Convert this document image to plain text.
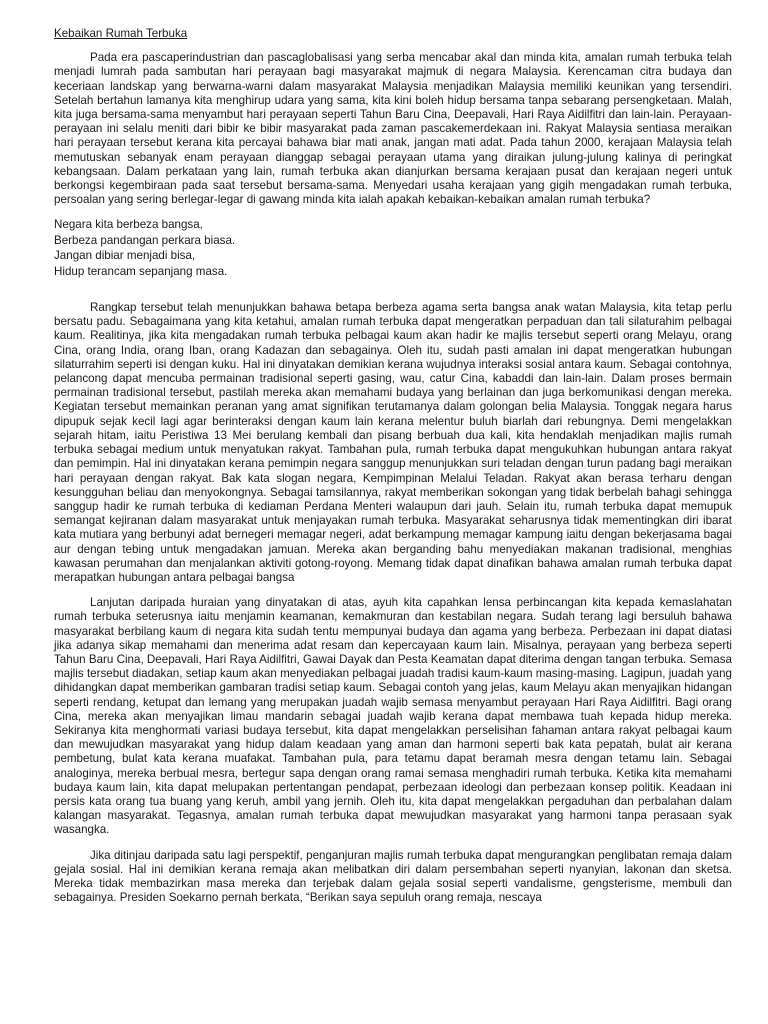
Kebaikan Rumah Terbuka

Pada era pascaperindustrian dan pascaglobalisasi yang serba mencabar akal dan minda kita, amalan rumah terbuka telah menjadi lumrah pada sambutan hari perayaan bagi masyarakat majmuk di negara Malaysia. Kerencaman citra budaya dan keceriaan landskap yang berwarna-warni dalam masyarakat Malaysia menjadikan Malaysia memiliki keunikan yang tersendiri. Setelah bertahun lamanya kita menghirup udara yang sama, kita kini boleh hidup bersama tanpa sebarang persengketaan. Malah, kita juga bersama-sama menyambut hari perayaan seperti Tahun Baru Cina, Deepavali, Hari Raya Aidilfitri dan lain-lain. Perayaan-perayaan ini selalu meniti dari bibir ke bibir masyarakat pada zaman pascakemerdekaan ini. Rakyat Malaysia sentiasa meraikan hari perayaan tersebut kerana kita percayai bahawa biar mati anak, jangan mati adat. Pada tahun 2000, kerajaan Malaysia telah memutuskan sebanyak enam perayaan dianggap sebagai perayaan utama yang diraikan julung-julung kalinya di peringkat kebangsaan. Dalam perkataan yang lain, rumah terbuka akan dianjurkan bersama kerajaan pusat dan kerajaan negeri untuk berkongsi kegembiraan pada saat tersebut bersama-sama. Menyedari usaha kerajaan yang gigih mengadakan rumah terbuka, persoalan yang sering berlegar-legar di gawang minda kita ialah apakah kebaikan-kebaikan amalan rumah terbuka?

Negara kita berbeza bangsa,
Berbeza pandangan perkara biasa.
Jangan dibiar menjadi bisa,
Hidup terancam sepanjang masa.

Rangkap tersebut telah menunjukkan bahawa betapa berbeza agama serta bangsa anak watan Malaysia, kita tetap perlu bersatu padu. Sebagaimana yang kita ketahui, amalan rumah terbuka dapat mengeratkan perpaduan dan tali silaturahim pelbagai kaum. Realitinya, jika kita mengadakan rumah terbuka pelbagai kaum akan hadir ke majlis tersebut seperti orang Melayu, orang Cina, orang India, orang Iban, orang Kadazan dan sebagainya. Oleh itu, sudah pasti amalan ini dapat mengeratkan hubungan silaturrahim seperti isi dengan kuku. Hal ini dinyatakan demikian kerana wujudnya interaksi sosial antara kaum. Sebagai contohnya, pelancong dapat mencuba permainan tradisional seperti gasing, wau, catur Cina, kabaddi dan lain-lain. Dalam proses bermain permainan tradisional tersebut, pastilah mereka akan memahami budaya yang berlainan dan juga berkomunikasi dengan mereka. Kegiatan tersebut memainkan peranan yang amat signifikan terutamanya dalam golongan belia Malaysia. Tonggak negara harus dipupuk sejak kecil lagi agar berinteraksi dengan kaum lain kerana melentur buluh biarlah dari rebungnya. Demi mengelakkan sejarah hitam, iaitu Peristiwa 13 Mei berulang kembali dan pisang berbuah dua kali, kita hendaklah menjadikan majlis rumah terbuka sebagai medium untuk menyatukan rakyat. Tambahan pula, rumah terbuka dapat mengukuhkan hubungan antara rakyat dan pemimpin. Hal ini dinyatakan kerana pemimpin negara sanggup menunjukkan suri teladan dengan turun padang bagi meraikan hari perayaan dengan rakyat. Bak kata slogan negara, Kempimpinan Melalui Teladan. Rakyat akan berasa terharu dengan kesungguhan beliau dan menyokongnya. Sebagai tamsilannya, rakyat memberikan sokongan yang tidak berbelah bahagi sehingga sanggup hadir ke rumah terbuka di kediaman Perdana Menteri walaupun dari jauh. Selain itu, rumah terbuka dapat memupuk semangat kejiranan dalam masyarakat untuk menjayakan rumah terbuka. Masyarakat seharusnya tidak mementingkan diri ibarat kata mutiara yang berbunyi adat bernegeri memagar negeri, adat berkampung memagar kampung iaitu dengan bekerjasama bagai aur dengan tebing untuk mengadakan jamuan. Mereka akan berganding bahu menyediakan makanan tradisional, menghias kawasan perumahan dan menjalankan aktiviti gotong-royong. Memang tidak dapat dinafikan bahawa amalan rumah terbuka dapat merapatkan hubungan antara pelbagai bangsa

Lanjutan daripada huraian yang dinyatakan di atas, ayuh kita capahkan lensa perbincangan kita kepada kemaslahatan rumah terbuka seterusnya iaitu menjamin keamanan, kemakmuran dan kestabilan negara. Sudah terang lagi bersuluh bahawa masyarakat berbilang kaum di negara kita sudah tentu mempunyai budaya dan agama yang berbeza. Perbezaan ini dapat diatasi jika adanya sikap memahami dan menerima adat resam dan kepercayaan kaum lain. Misalnya, perayaan yang berbeza seperti Tahun Baru Cina, Deepavali, Hari Raya Aidilfitri, Gawai Dayak dan Pesta Keamatan dapat diterima dengan tangan terbuka. Semasa majlis tersebut diadakan, setiap kaum akan menyediakan pelbagai juadah tradisi kaum-kaum masing-masing. Lagipun, juadah yang dihidangkan dapat memberikan gambaran tradisi setiap kaum. Sebagai contoh yang jelas, kaum Melayu akan menyajikan hidangan seperti rendang, ketupat dan lemang yang merupakan juadah wajib semasa menyambut perayaan Hari Raya Aidilfitri. Bagi orang Cina, mereka akan menyajikan limau mandarin sebagai juadah wajib kerana dapat membawa tuah kepada hidup mereka. Sekiranya kita menghormati variasi budaya tersebut, kita dapat mengelakkan perselisihan fahaman antara rakyat pelbagai kaum dan mewujudkan masyarakat yang hidup dalam keadaan yang aman dan harmoni seperti bak kata pepatah, bulat air kerana pembetung, bulat kata kerana muafakat. Tambahan pula, para tetamu dapat beramah mesra dengan tetamu lain. Sebagai analoginya, mereka berbual mesra, bertegur sapa dengan orang ramai semasa menghadiri rumah terbuka. Ketika kita memahami budaya kaum lain, kita dapat melupakan pertentangan pendapat, perbezaan ideologi dan perbezaan konsep politik. Keadaan ini persis kata orang tua buang yang keruh, ambil yang jernih. Oleh itu, kita dapat mengelakkan pergaduhan dan perbalahan dalam kalangan masyarakat. Tegasnya, amalan rumah terbuka dapat mewujudkan masyarakat yang harmoni tanpa perasaan syak wasangka.

Jika ditinjau daripada satu lagi perspektif, penganjuran majlis rumah terbuka dapat mengurangkan penglibatan remaja dalam gejala sosial. Hal ini demikian kerana remaja akan melibatkan diri dalam persembahan seperti nyanyian, lakonan dan sketsa. Mereka tidak membazirkan masa mereka dan terjebak dalam gejala sosial seperti vandalisme, gengsterisme, membuli dan sebagainya. Presiden Soekarno pernah berkata, “Berikan saya sepuluh orang remaja, nescaya
